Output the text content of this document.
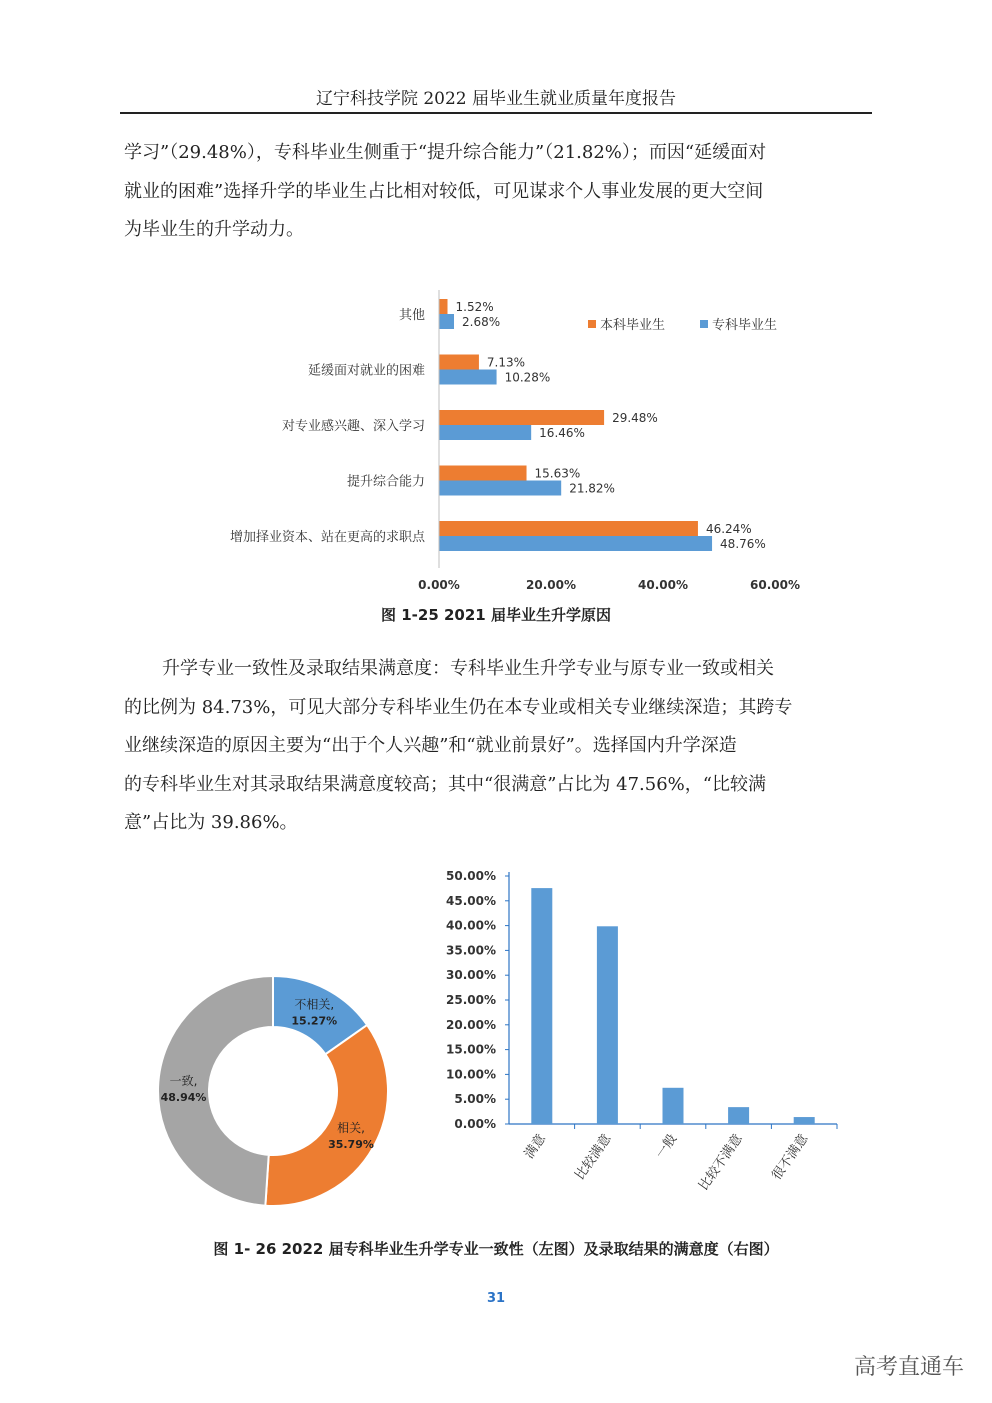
辽宁科技学院 2022 届毕业生就业质量年度报告
学习”（29.48%），专科毕业生侧重于“提升综合能力”（21.82%）；而因“延缓面对
就业的困难”选择升学的毕业生占比相对较低，可见谋求个人事业发展的更大空间
为毕业生的升学动力。
其他
1.52%
2.68%
延缓面对就业的困难
7.13%
10.28%
对专业感兴趣、深入学习
29.48%
16.46%
提升综合能力
15.63%
21.82%
增加择业资本、站在更高的求职点
46.24%
48.76%
0.00%	20.00%	40.00%	60.00%
本科毕业生	专科毕业生
图 1-25 2021 届毕业生升学原因
升学专业一致性及录取结果满意度：专科毕业生升学专业与原专业一致或相关
的比例为 84.73%，可见大部分专科毕业生仍在本专业或相关专业继续深造；其跨专
业继续深造的原因主要为“出于个人兴趣”和“就业前景好”。选择国内升学深造
的专科毕业生对其录取结果满意度较高；其中“很满意”占比为 47.56%，“比较满
意”占比为 39.86%。
不相关,
15.27%
相关,
35.79%
一致,
48.94%
0.00%
5.00%
10.00%
15.00%
20.00%
25.00%
30.00%
35.00%
40.00%
45.00%
50.00%
满意 比较满意	一般 比较不满意 很不满意
图 1- 26 2022 届专科毕业生升学专业一致性（左图）及录取结果的满意度（右图）
31
高考直通车
